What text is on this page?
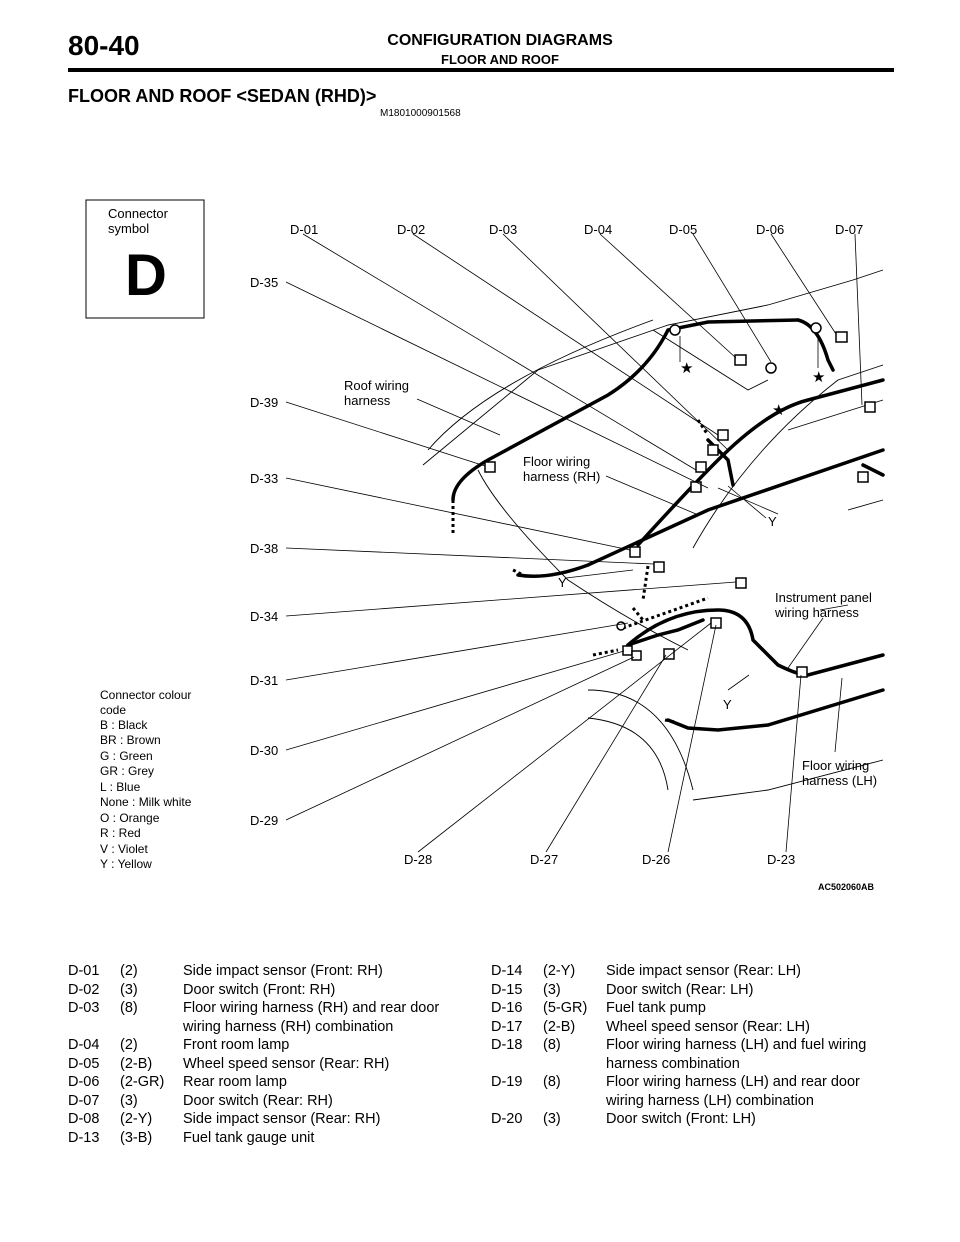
80-40	CONFIGURATION DIAGRAMS
FLOOR AND ROOF
FLOOR AND ROOF <SEDAN (RHD)>
M1801000901568
Connector
symbol
D
★
★
★
D-01	D-02	D-03	D-04	D-05	D-06	D-07
D-35
D-39
D-33
D-38
D-34
D-31
D-30
D-29
D-28	D-27	D-26	D-23
Roof wiring
harness
Floor wiring
harness (RH)
Instrument panel
wiring harness
Floor wiring
harness (LH)
Y
Y
Y
Connector colour
code
B : Black
BR : Brown
G : Green
GR : Grey
L : Blue
None : Milk white
O : Orange
R : Red
V : Violet
Y : Yellow
AC502060AB
D-01	(2)	Side impact sensor (Front: RH)
D-02	(3)	Door switch (Front: RH)
D-03	(8)	Floor wiring harness (RH) and rear door wiring harness (RH) combination
D-04	(2)	Front room lamp
D-05	(2-B)	Wheel speed sensor (Rear: RH)
D-06	(2-GR)	Rear room lamp
D-07	(3)	Door switch (Rear: RH)
D-08	(2-Y)	Side impact sensor (Rear: RH)
D-13	(3-B)	Fuel tank gauge unit
D-14	(2-Y)	Side impact sensor (Rear: LH)
D-15	(3)	Door switch (Rear: LH)
D-16	(5-GR)	Fuel tank pump
D-17	(2-B)	Wheel speed sensor (Rear: LH)
D-18	(8)	Floor wiring harness (LH) and fuel wiring harness combination
D-19	(8)	Floor wiring harness (LH) and rear door wiring harness (LH) combination
D-20	(3)	Door switch (Front: LH)
